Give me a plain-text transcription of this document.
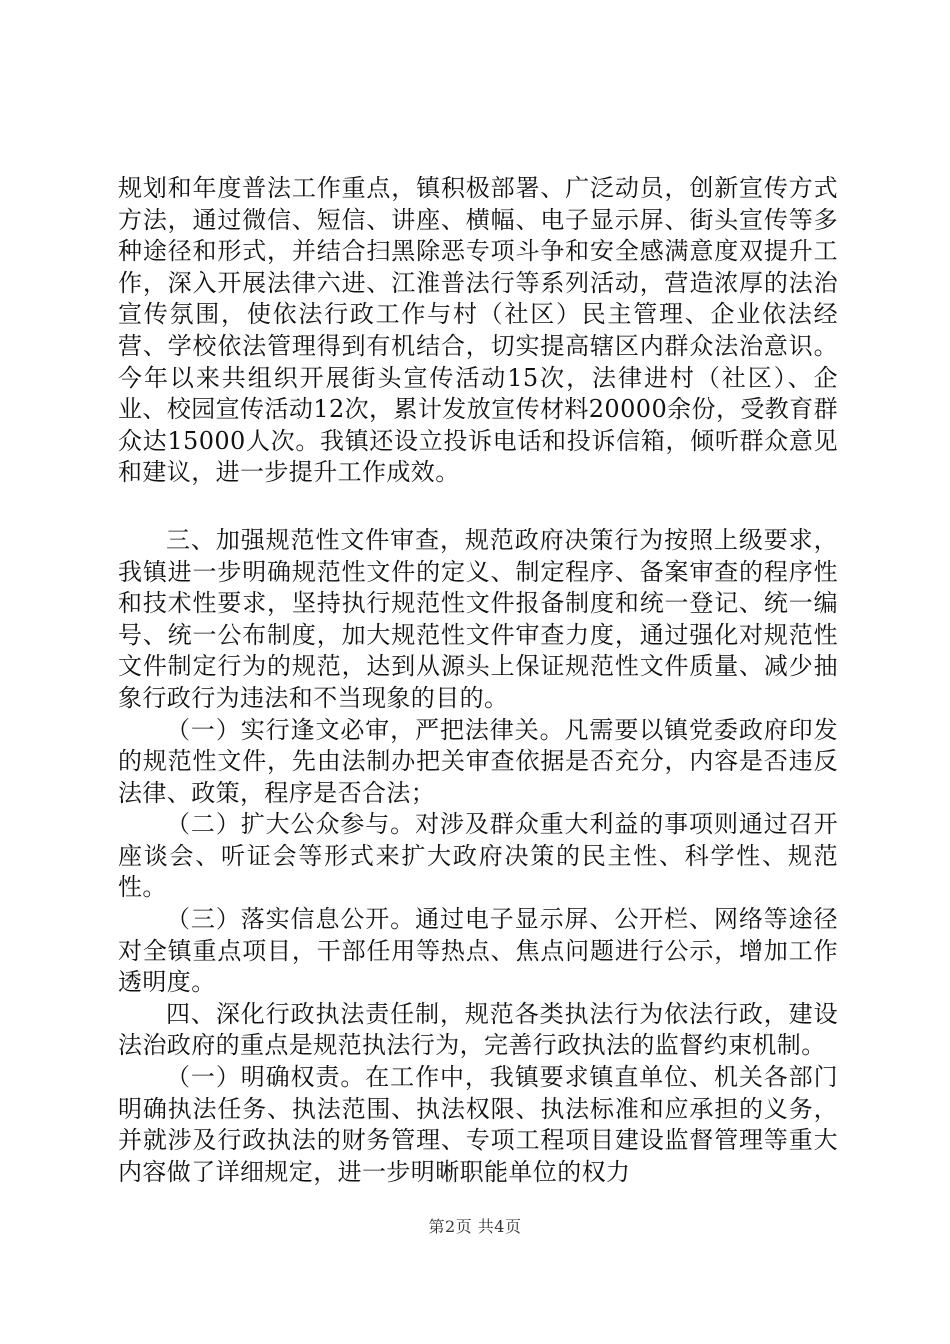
规划和年度普法工作重点，镇积极部署、广泛动员，创新宣传方式方法，通过微信、短信、讲座、横幅、电子显示屏、街头宣传等多种途径和形式，并结合扫黑除恶专项斗争和安全感满意度双提升工作，深入开展法律六进、江淮普法行等系列活动，营造浓厚的法治宣传氛围，使依法行政工作与村（社区）民主管理、企业依法经营、学校依法管理得到有机结合，切实提高辖区内群众法治意识。今年以来共组织开展街头宣传活动15次，法律进村（社区）、企业、校园宣传活动12次，累计发放宣传材料20000余份，受教育群众达15000人次。我镇还设立投诉电话和投诉信箱，倾听群众意见和建议，进一步提升工作成效。

三、加强规范性文件审查，规范政府决策行为按照上级要求，我镇进一步明确规范性文件的定义、制定程序、备案审查的程序性和技术性要求，坚持执行规范性文件报备制度和统一登记、统一编号、统一公布制度，加大规范性文件审查力度，通过强化对规范性文件制定行为的规范，达到从源头上保证规范性文件质量、减少抽象行政行为违法和不当现象的目的。

（一）实行逢文必审，严把法律关。凡需要以镇党委政府印发的规范性文件，先由法制办把关审查依据是否充分，内容是否违反法律、政策，程序是否合法；

（二）扩大公众参与。对涉及群众重大利益的事项则通过召开座谈会、听证会等形式来扩大政府决策的民主性、科学性、规范性。

（三）落实信息公开。通过电子显示屏、公开栏、网络等途径对全镇重点项目，干部任用等热点、焦点问题进行公示，增加工作透明度。

四、深化行政执法责任制，规范各类执法行为依法行政，建设法治政府的重点是规范执法行为，完善行政执法的监督约束机制。

（一）明确权责。在工作中，我镇要求镇直单位、机关各部门明确执法任务、执法范围、执法权限、执法标准和应承担的义务，并就涉及行政执法的财务管理、专项工程项目建设监督管理等重大内容做了详细规定，进一步明晰职能单位的权力

第2页 共4页
